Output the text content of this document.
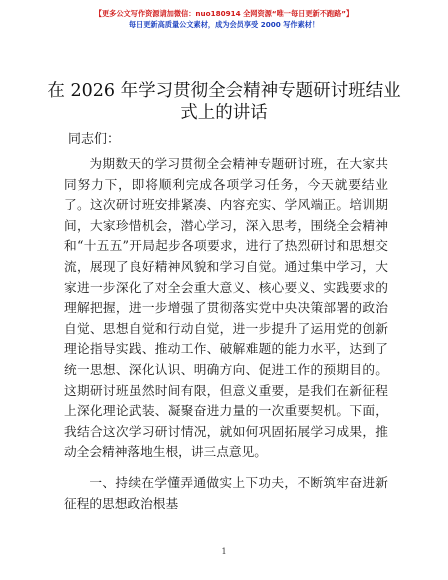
【更多公文写作资源请加微信：nuo180914 全网资源“唯一每日更新不跑路”】
每日更新高质量公文素材，成为会员享受 2000 写作素材！
在 2026 年学习贯彻全会精神专题研讨班结业式上的讲话
同志们：

为期数天的学习贯彻全会精神专题研讨班，在大家共同努力下，即将顺利完成各项学习任务，今天就要结业了。这次研讨班安排紧凑、内容充实、学风端正。培训期间，大家珍惜机会，潜心学习，深入思考，围绕全会精神和“十五五”开局起步各项要求，进行了热烈研讨和思想交流，展现了良好精神风貌和学习自觉。通过集中学习，大家进一步深化了对全会重大意义、核心要义、实践要求的理解把握，进一步增强了贯彻落实党中央决策部署的政治自觉、思想自觉和行动自觉，进一步提升了运用党的创新理论指导实践、推动工作、破解难题的能力水平，达到了统一思想、深化认识、明确方向、促进工作的预期目的。这期研讨班虽然时间有限，但意义重要，是我们在新征程上深化理论武装、凝聚奋进力量的一次重要契机。下面，我结合这次学习研讨情况，就如何巩固拓展学习成果，推动全会精神落地生根，讲三点意见。

一、持续在学懂弄通做实上下功夫，不断筑牢奋进新征程的思想政治根基
1
